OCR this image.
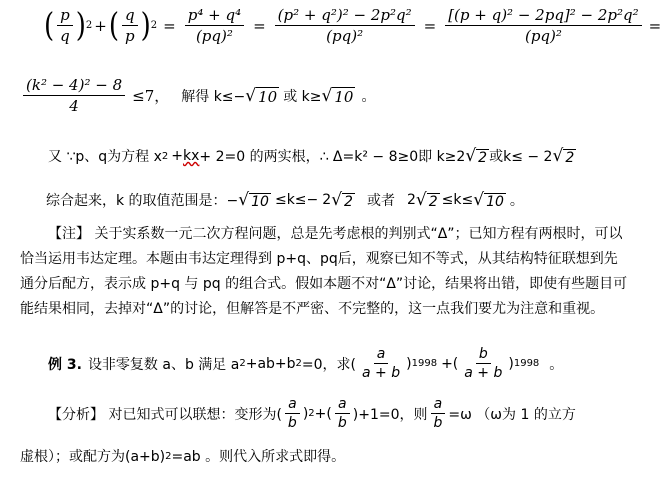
( $\frac{p}{q}$ ) 2 + ( $\frac{q}{p}$ ) $2 = \frac{\text{p⁴ + q⁴}}{\text{(pq)²}} = \frac{\text{(p² + q²)² − 2p²q²}}{\text{(pq)²}} = \frac{\text{[(p + q)² − 2pq]² − 2p²q²}}{\text{(pq)²}}$ =
$\frac{\text{(k² − 4)² − 8}}{4} \le 7$， 解得 k≤− √ 10 或 k≥ √ 10 。
又 ∵p、q为方程 x 2 + kx + 2=0 的两实根，∴ Δ=k² − 8≥0即 k≥2 √ 2 或k≤ − 2 √ 2
综合起来，k 的取值范围是：− √ 10 ≤k≤− 2 √ 2 或者 2 √ 2 ≤k≤ √ 10 。
【注】 关于实系数一元二次方程问题，总是先考虑根的判别式“Δ”；已知方程有两根时，可以恰当运用韦达定理。本题由韦达定理得到 p+q、pq后，观察已知不等式，从其结构特征联想到先通分后配方，表示成 p+q 与 pq 的组合式。假如本题不对“Δ”讨论，结果将出错，即使有些题目可能结果相同，去掉对“Δ”的讨论，但解答是不严密、不完整的，这一点我们要尤为注意和重视。
例 3. 设非零复数 a、b 满足 a 2 +ab+b 2 =0，求( $\frac{a}{a + b}$ ) 1998 +( $\frac{b}{a + b}$ ) 1998 。
【分析】 对已知式可以联想：变形为( $\frac{a}{b}$ ) 2 +( $\frac{a}{b} )+1=0$，则 $\frac{a}{b} =\omega$ （ω为 1 的立方
虚根）；或配方为(a+b) 2 =ab 。则代入所求式即得。
